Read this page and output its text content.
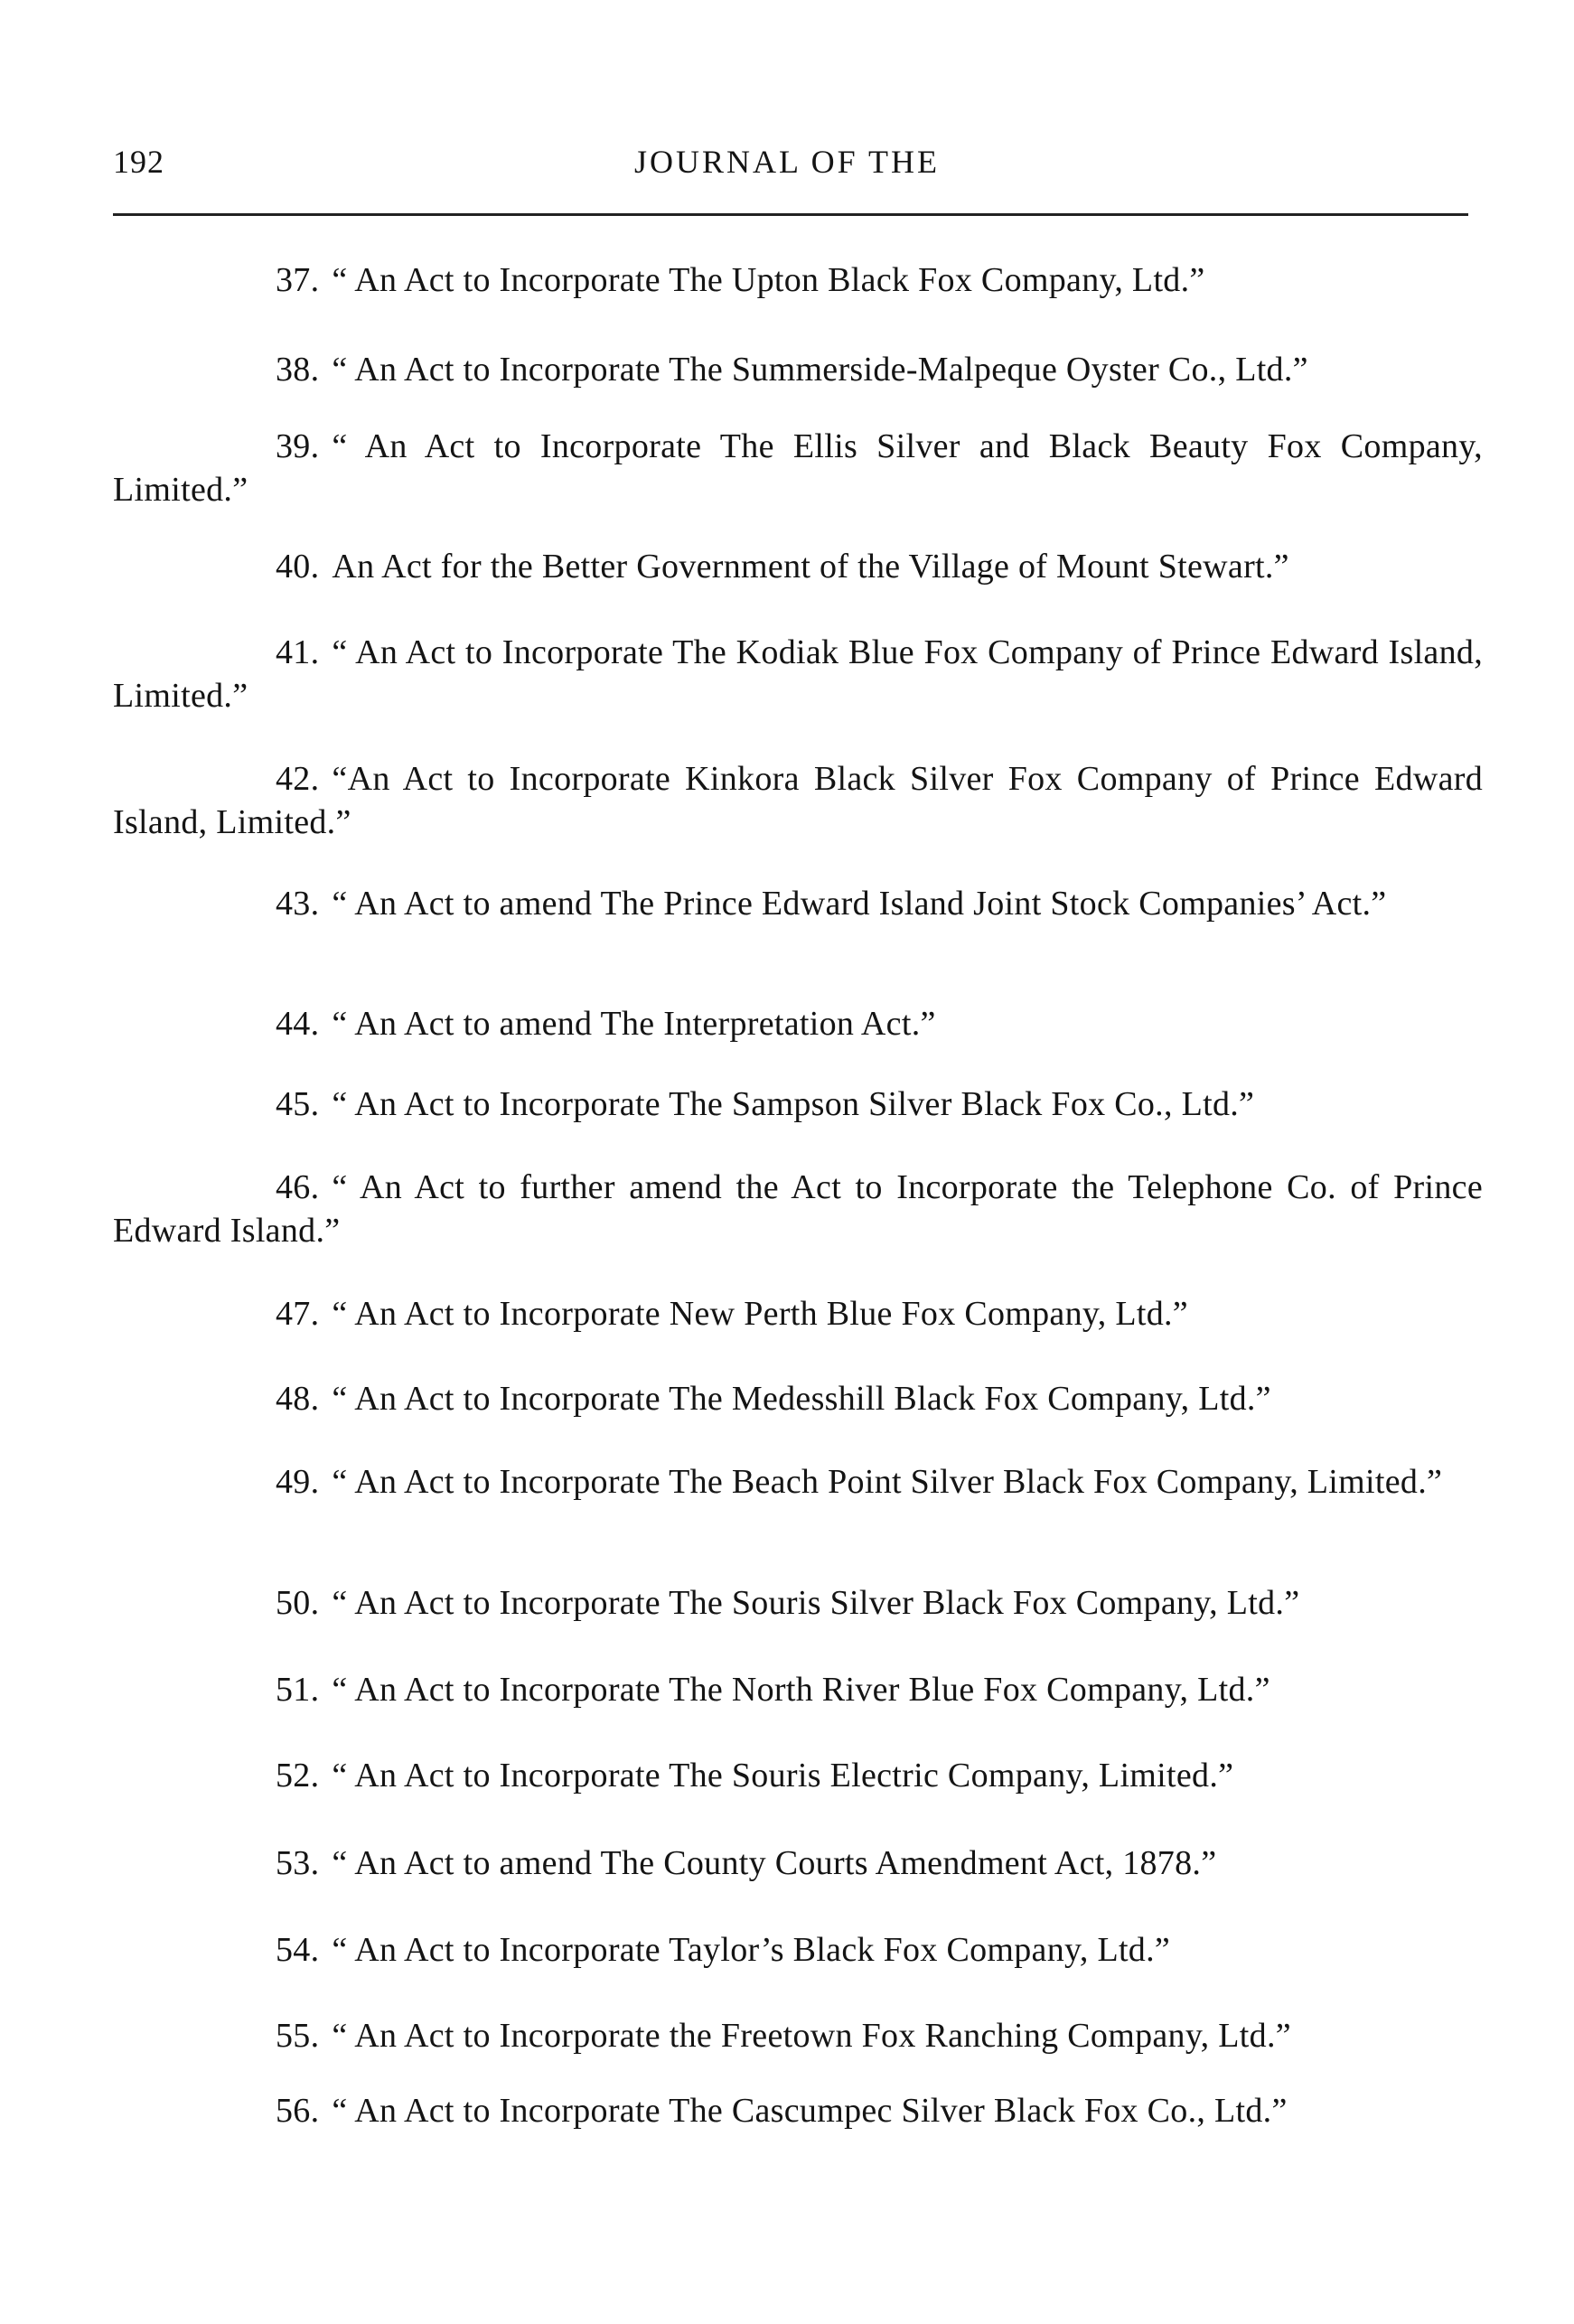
192	JOURNAL OF THE
37. “ An Act to Incorporate The Upton Black Fox Company, Ltd.”
38. “ An Act to Incorporate The Summerside-Malpeque Oyster Co., Ltd.”
39. “ An Act to Incorporate The Ellis Silver and Black Beauty Fox Company, Limited.”
40. An Act for the Better Government of the Village of Mount Stewart.”
41. “ An Act to Incorporate The Kodiak Blue Fox Company of Prince Edward Island, Limited.”
42. “An Act to Incorporate Kinkora Black Silver Fox Company of Prince Edward Island, Limited.”
43. “ An Act to amend The Prince Edward Island Joint Stock Companies’ Act.”
44. “ An Act to amend The Interpretation Act.”
45. “ An Act to Incorporate The Sampson Silver Black Fox Co., Ltd.”
46. “ An Act to further amend the Act to Incorporate the Telephone Co. of Prince Edward Island.”
47. “ An Act to Incorporate New Perth Blue Fox Company, Ltd.”
48. “ An Act to Incorporate The Medesshill Black Fox Company, Ltd.”
49. “ An Act to Incorporate The Beach Point Silver Black Fox Company, Limited.”
50. “ An Act to Incorporate The Souris Silver Black Fox Company, Ltd.”
51. “ An Act to Incorporate The North River Blue Fox Company, Ltd.”
52. “ An Act to Incorporate The Souris Electric Company, Limited.”
53. “ An Act to amend The County Courts Amendment Act, 1878.”
54. “ An Act to Incorporate Taylor’s Black Fox Company, Ltd.”
55. “ An Act to Incorporate the Freetown Fox Ranching Company, Ltd.”
56. “ An Act to Incorporate The Cascumpec Silver Black Fox Co., Ltd.”
